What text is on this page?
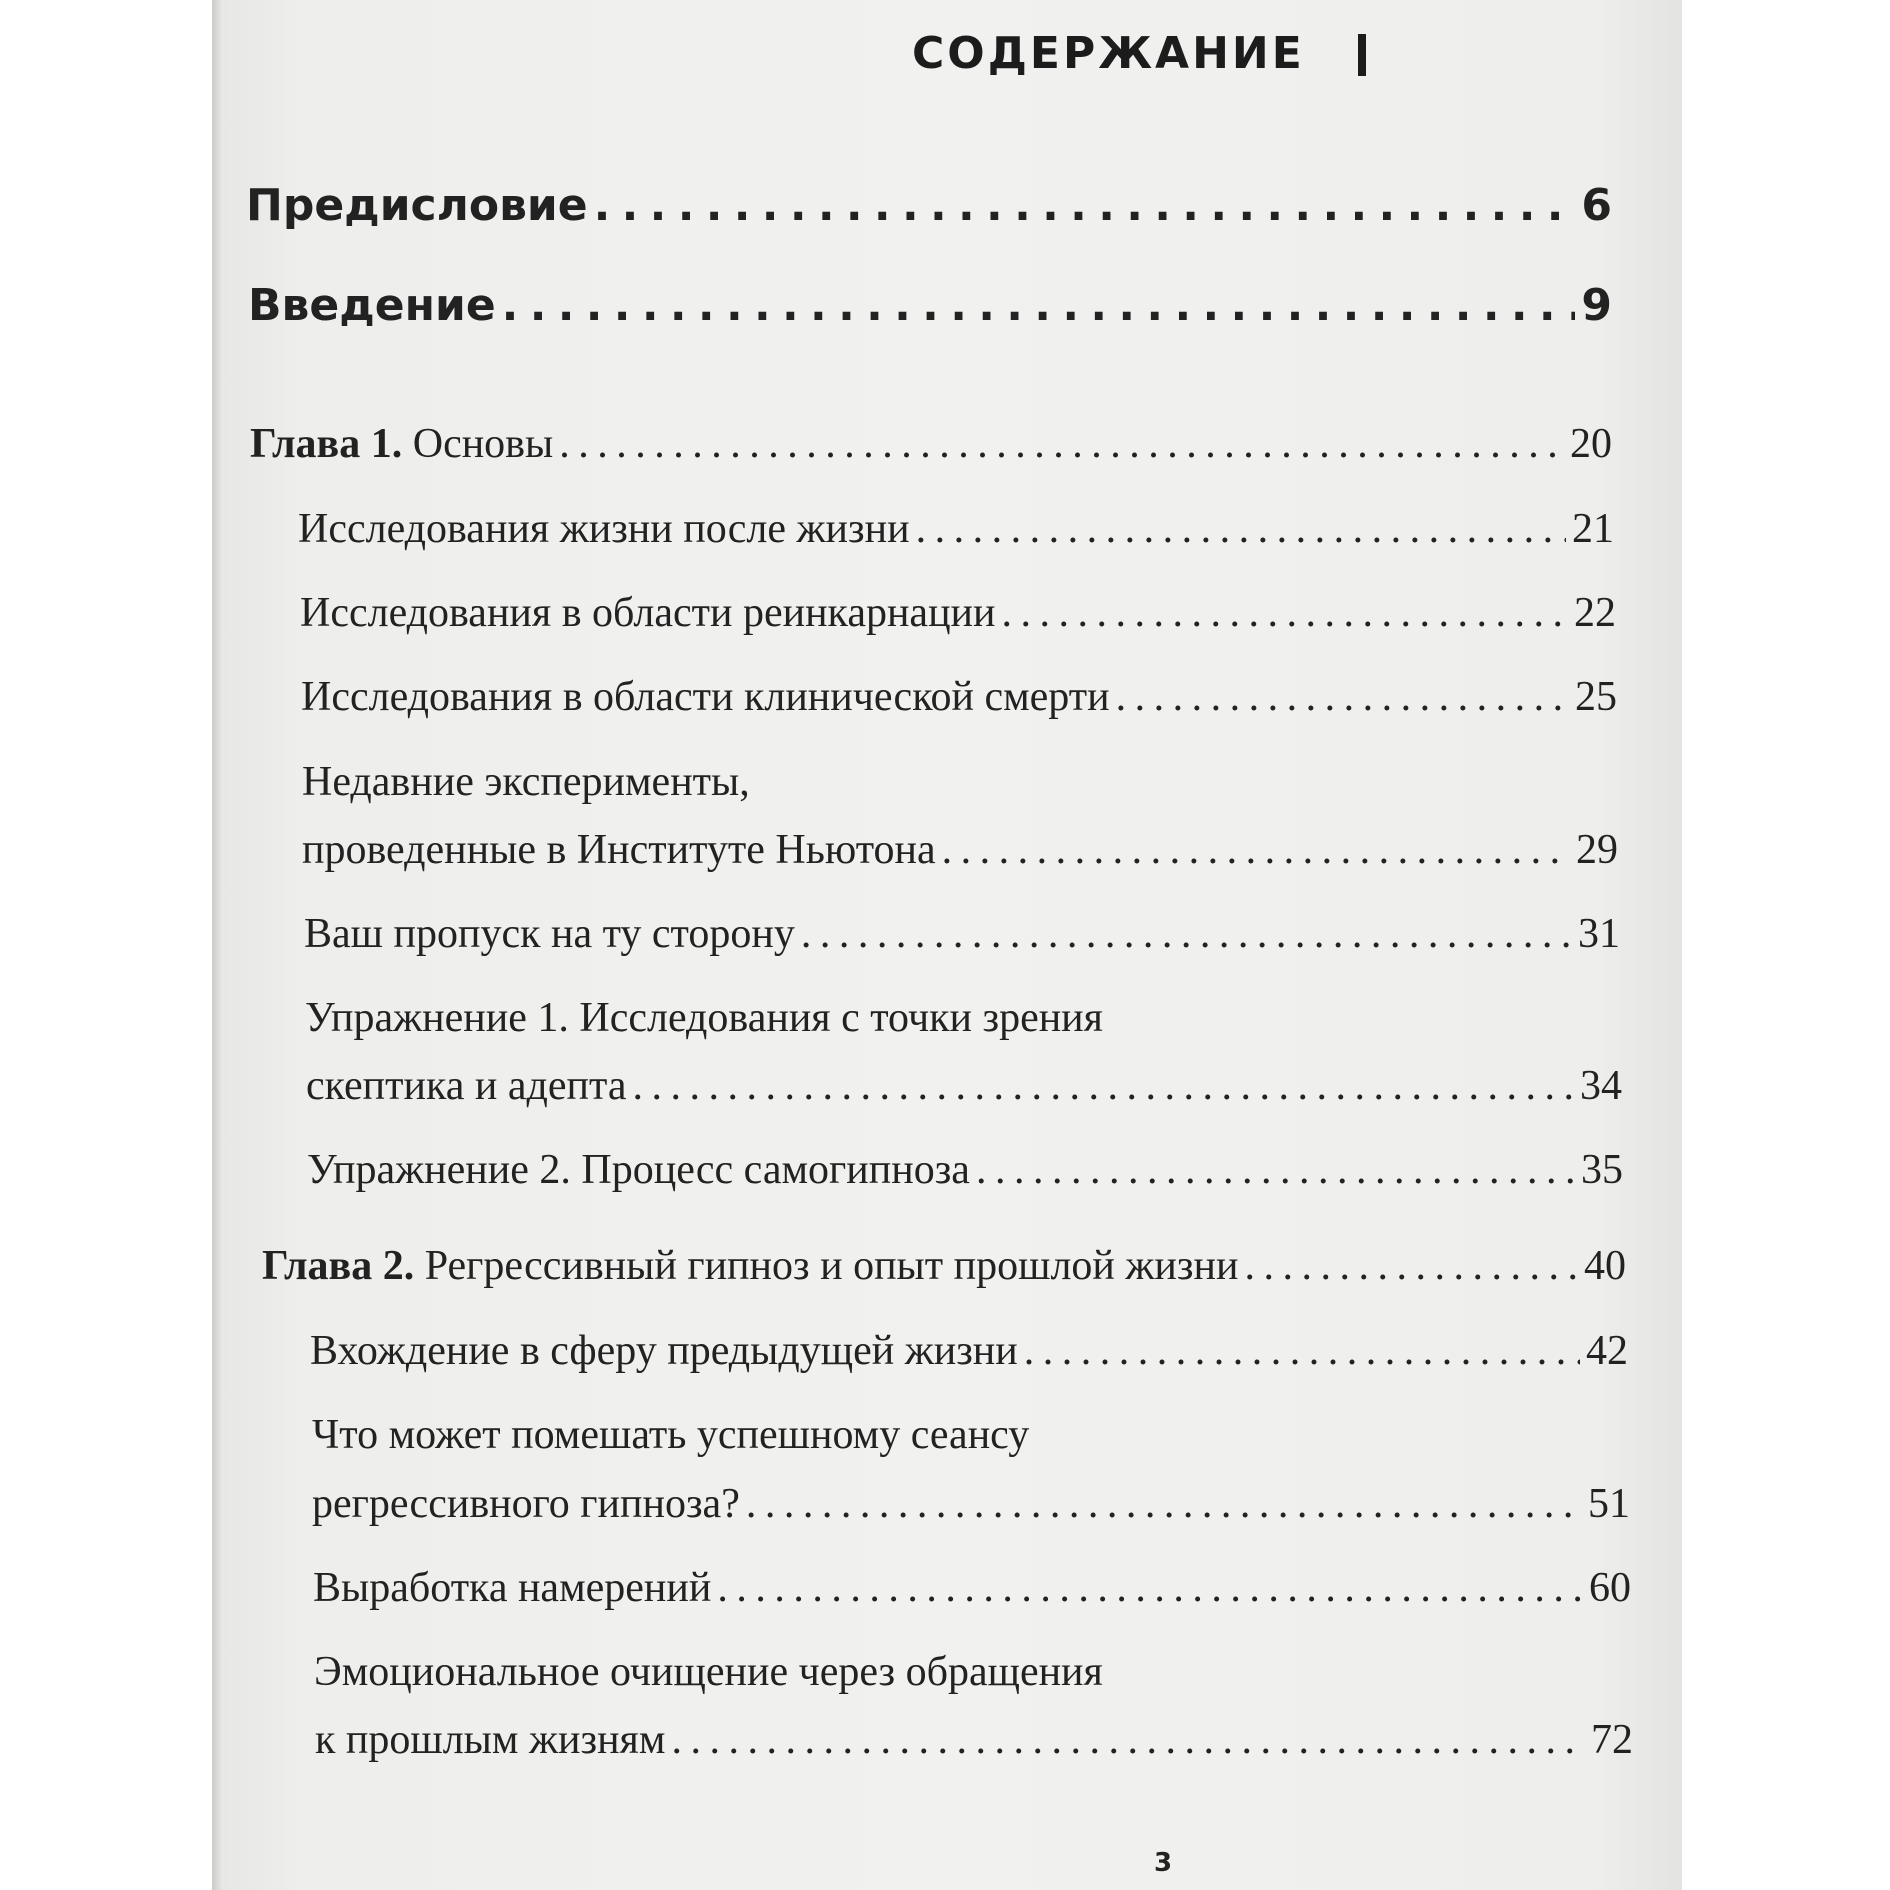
СОДЕРЖАНИЕ
Предисловие . . .	6
Введение . . .	9
Глава 1. Основы . . .	20
Исследования жизни после жизни . . .	21
Исследования в области реинкарнации . . .	22
Исследования в области клинической смерти . . .	25
Недавние эксперименты,
проведенные в Институте Ньютона . . .	29
Ваш пропуск на ту сторону . . .	31
Упражнение 1. Исследования с точки зрения
скептика и адепта . . .	34
Упражнение 2. Процесс самогипноза . . .	35
Глава 2. Регрессивный гипноз и опыт прошлой жизни . . .	40
Вхождение в сферу предыдущей жизни . . .	42
Что может помешать успешному сеансу
регрессивного гипноза? . . .	51
Выработка намерений . . .	60
Эмоциональное очищение через обращения
к прошлым жизням . . .	72
3
